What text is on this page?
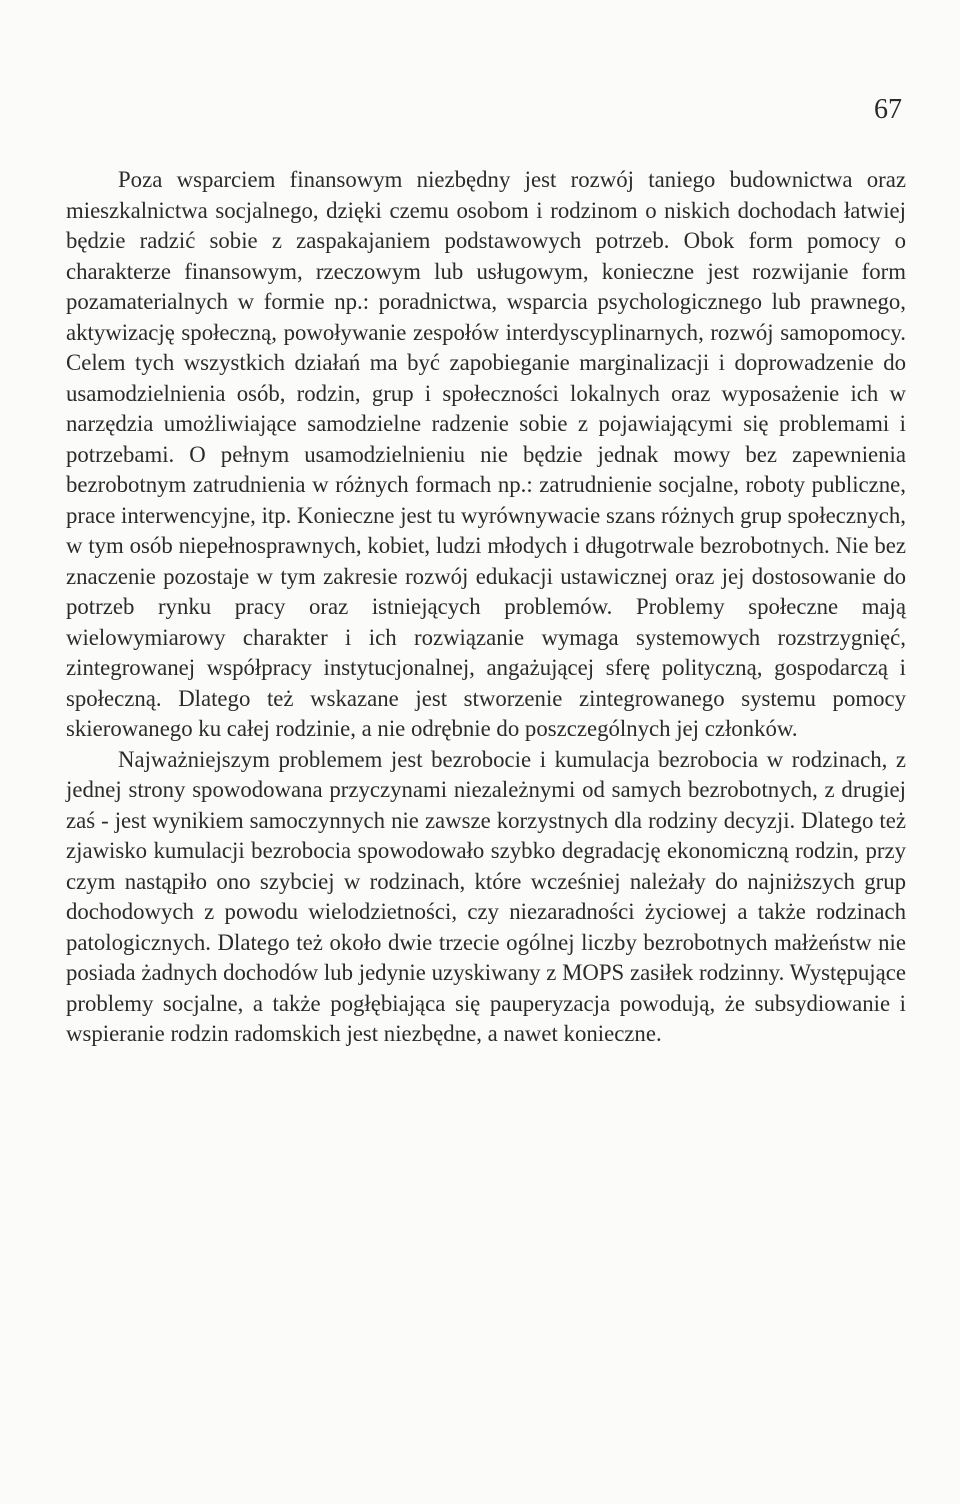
67

Poza wsparciem finansowym niezbędny jest rozwój taniego budownictwa oraz mieszkalnictwa socjalnego, dzięki czemu osobom i rodzinom o niskich dochodach łatwiej będzie radzić sobie z zaspakajaniem podstawowych potrzeb. Obok form pomocy o charakterze finansowym, rzeczowym lub usługowym, konieczne jest rozwijanie form pozamaterialnych w formie np.: poradnictwa, wsparcia psychologicznego lub prawnego, aktywizację społeczną, powoływanie zespołów interdyscyplinarnych, rozwój samopomocy. Celem tych wszystkich działań ma być zapobieganie marginalizacji i doprowadzenie do usamodzielnienia osób, rodzin, grup i społeczności lokalnych oraz wyposażenie ich w narzędzia umożliwiające samodzielne radzenie sobie z pojawiającymi się problemami i potrzebami. O pełnym usamodzielnieniu nie będzie jednak mowy bez zapewnienia bezrobotnym zatrudnienia w różnych formach np.: zatrudnienie socjalne, roboty publiczne, prace interwencyjne, itp. Konieczne jest tu wyrównywacie szans różnych grup społecznych, w tym osób niepełnosprawnych, kobiet, ludzi młodych i długotrwale bezrobotnych. Nie bez znaczenie pozostaje w tym zakresie rozwój edukacji ustawicznej oraz jej dostosowanie do potrzeb rynku pracy oraz istniejących problemów. Problemy społeczne mają wielowymiarowy charakter i ich rozwiązanie wymaga systemowych rozstrzygnięć, zintegrowanej współpracy instytucjonalnej, angażującej sferę polityczną, gospodarczą i społeczną. Dlatego też wskazane jest stworzenie zintegrowanego systemu pomocy skierowanego ku całej rodzinie, a nie odrębnie do poszczególnych jej członków.

Najważniejszym problemem jest bezrobocie i kumulacja bezrobocia w rodzinach, z jednej strony spowodowana przyczynami niezależnymi od samych bezrobotnych, z drugiej zaś - jest wynikiem samoczynnych nie zawsze korzystnych dla rodziny decyzji. Dlatego też zjawisko kumulacji bezrobocia spowodowało szybko degradację ekonomiczną rodzin, przy czym nastąpiło ono szybciej w rodzinach, które wcześniej należały do najniższych grup dochodowych z powodu wielodzietności, czy niezaradności życiowej a także rodzinach patologicznych. Dlatego też około dwie trzecie ogólnej liczby bezrobotnych małżeństw nie posiada żadnych dochodów lub jedynie uzyskiwany z MOPS zasiłek rodzinny. Występujące problemy socjalne, a także pogłębiająca się pauperyzacja powodują, że subsydiowanie i wspieranie rodzin radomskich jest niezbędne, a nawet konieczne.
